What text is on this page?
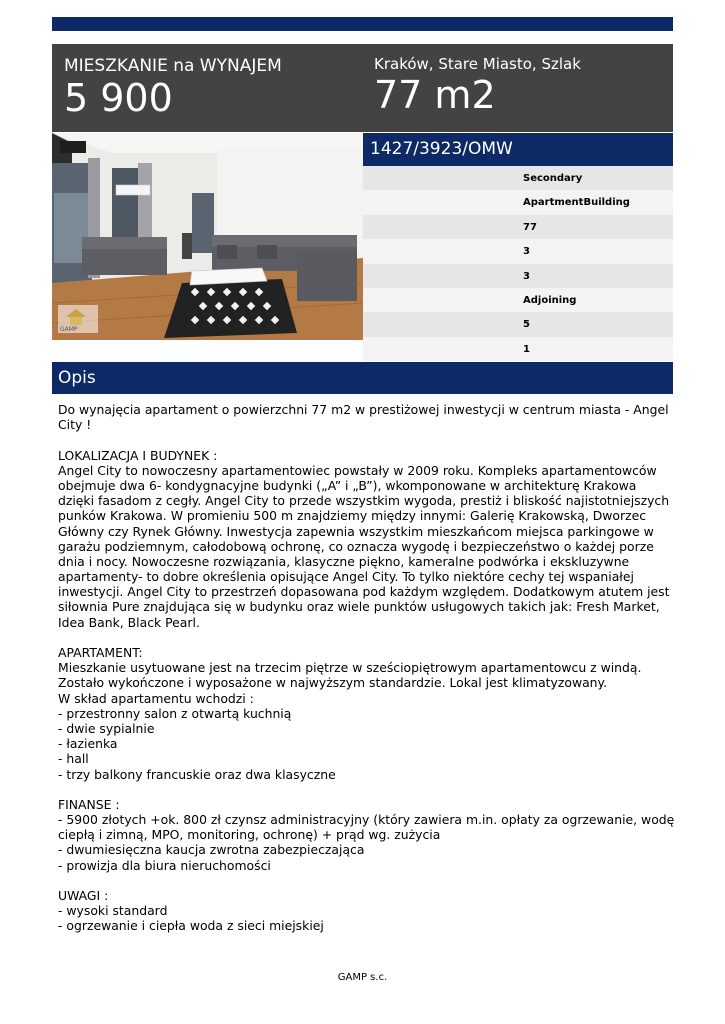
MIESZKANIE na WYNAJEM
5 900
Kraków, Stare Miasto, Szlak
77 m2
GAMP
1427/3923/OMW
Secondary
ApartmentBuilding
77
3
3
Adjoining
5
1
Opis
Do wynajęcia apartament o powierzchni 77 m2 w prestiżowej inwestycji w centrum miasta - Angel
City !
LOKALIZACJA I BUDYNEK :
Angel City to nowoczesny apartamentowiec powstały w 2009 roku. Kompleks apartamentowców
obejmuje dwa 6- kondygnacyjne budynki („A” i „B”), wkomponowane w architekturę Krakowa
dzięki fasadom z cegły. Angel City to przede wszystkim wygoda, prestiż i bliskość najistotniejszych
punków Krakowa. W promieniu 500 m znajdziemy między innymi: Galerię Krakowską, Dworzec
Główny czy Rynek Główny. Inwestycja zapewnia wszystkim mieszkańcom miejsca parkingowe w
garażu podziemnym, całodobową ochronę, co oznacza wygodę i bezpieczeństwo o każdej porze
dnia i nocy. Nowoczesne rozwiązania, klasyczne piękno, kameralne podwórka i ekskluzywne
apartamenty- to dobre określenia opisujące Angel City. To tylko niektóre cechy tej wspaniałej
inwestycji. Angel City to przestrzeń dopasowana pod każdym względem. Dodatkowym atutem jest
siłownia Pure znajdująca się w budynku oraz wiele punktów usługowych takich jak: Fresh Market,
Idea Bank, Black Pearl.
APARTAMENT:
Mieszkanie usytuowane jest na trzecim piętrze w sześciopiętrowym apartamentowcu z windą.
Zostało wykończone i wyposażone w najwyższym standardzie. Lokal jest klimatyzowany.
W skład apartamentu wchodzi :
- przestronny salon z otwartą kuchnią
- dwie sypialnie
- łazienka
- hall
- trzy balkony francuskie oraz dwa klasyczne
FINANSE :
- 5900 złotych +ok. 800 zł czynsz administracyjny (który zawiera m.in. opłaty za ogrzewanie, wodę
ciepłą i zimną, MPO, monitoring, ochronę) + prąd wg. zużycia
- dwumiesięczna kaucja zwrotna zabezpieczająca
- prowizja dla biura nieruchomości
UWAGI :
- wysoki standard
- ogrzewanie i ciepła woda z sieci miejskiej
GAMP s.c.
